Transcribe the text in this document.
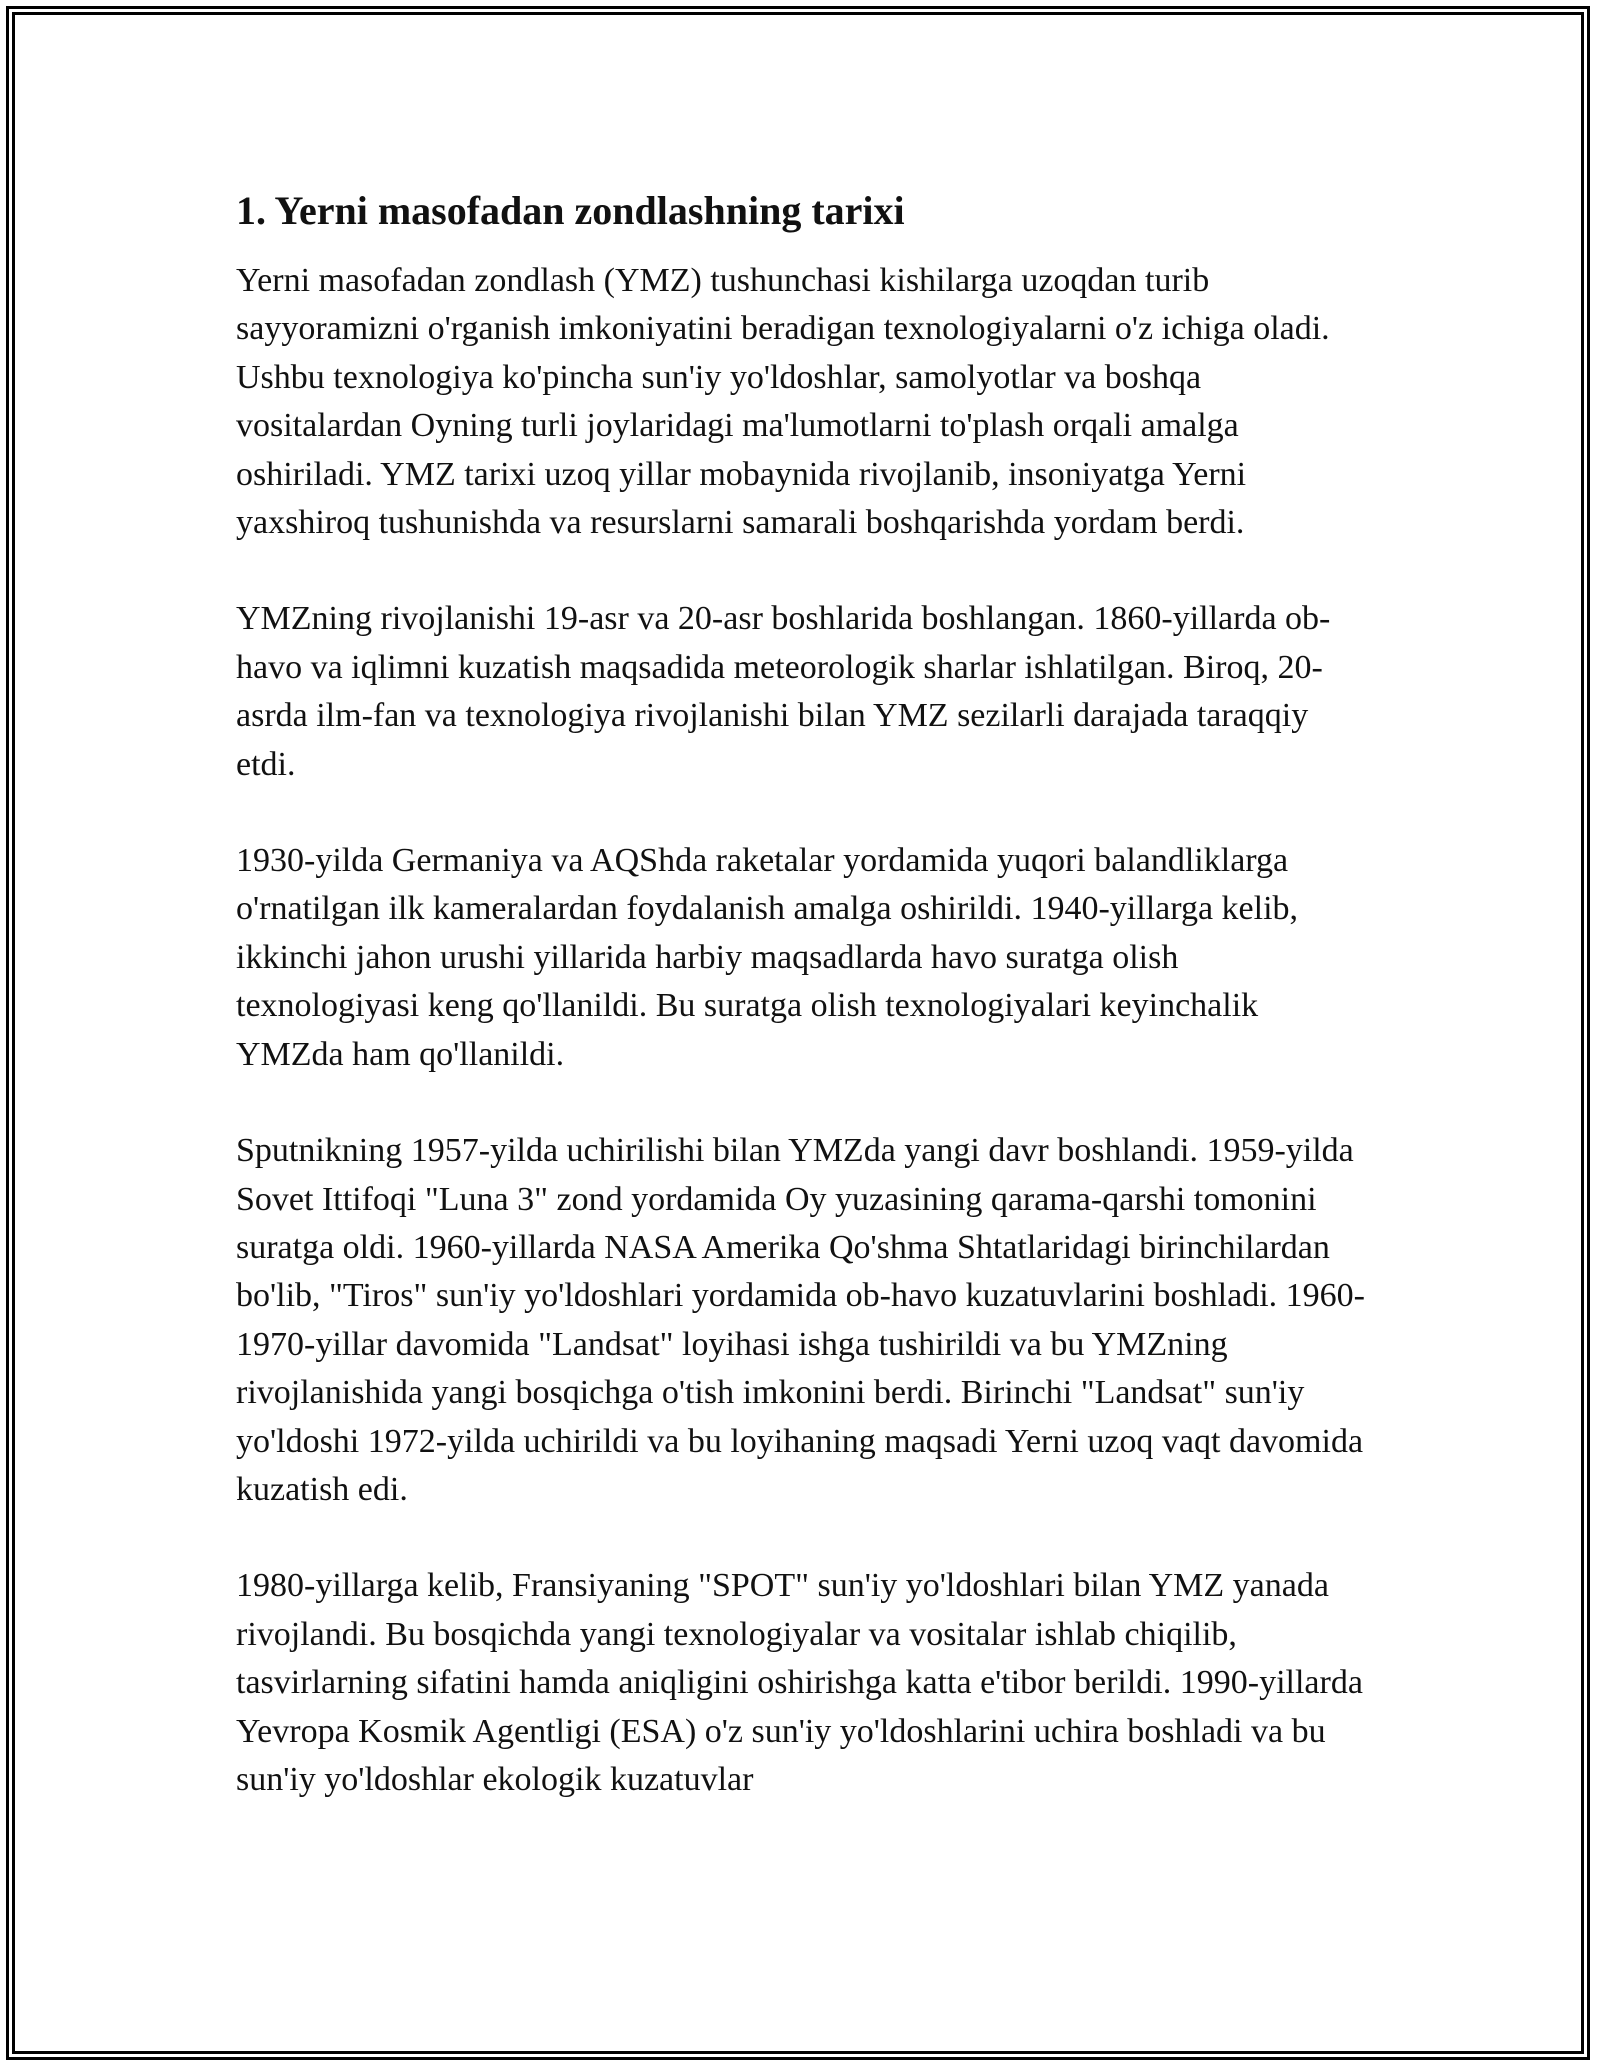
1. Yerni masofadan zondlashning tarixi

Yerni masofadan zondlash (YMZ) tushunchasi kishilarga uzoqdan turib sayyoramizni o'rganish imkoniyatini beradigan texnologiyalarni o'z ichiga oladi. Ushbu texnologiya ko'pincha sun'iy yo'ldoshlar, samolyotlar va boshqa vositalardan Oyning turli joylaridagi ma'lumotlarni to'plash orqali amalga oshiriladi. YMZ tarixi uzoq yillar mobaynida rivojlanib, insoniyatga Yerni yaxshiroq tushunishda va resurslarni samarali boshqarishda yordam berdi.

YMZning rivojlanishi 19-asr va 20-asr boshlarida boshlangan. 1860-yillarda ob-havo va iqlimni kuzatish maqsadida meteorologik sharlar ishlatilgan. Biroq, 20-asrda ilm-fan va texnologiya rivojlanishi bilan YMZ sezilarli darajada taraqqiy etdi.

1930-yilda Germaniya va AQShda raketalar yordamida yuqori balandliklarga o'rnatilgan ilk kameralardan foydalanish amalga oshirildi. 1940-yillarga kelib, ikkinchi jahon urushi yillarida harbiy maqsadlarda havo suratga olish texnologiyasi keng qo'llanildi. Bu suratga olish texnologiyalari keyinchalik YMZda ham qo'llanildi.

Sputnikning 1957-yilda uchirilishi bilan YMZda yangi davr boshlandi. 1959-yilda Sovet Ittifoqi "Luna 3" zond yordamida Oy yuzasining qarama-qarshi tomonini suratga oldi. 1960-yillarda NASA Amerika Qo'shma Shtatlaridagi birinchilardan bo'lib, "Tiros" sun'iy yo'ldoshlari yordamida ob-havo kuzatuvlarini boshladi. 1960-1970-yillar davomida "Landsat" loyihasi ishga tushirildi va bu YMZning rivojlanishida yangi bosqichga o'tish imkonini berdi. Birinchi "Landsat" sun'iy yo'ldoshi 1972-yilda uchirildi va bu loyihaning maqsadi Yerni uzoq vaqt davomida kuzatish edi.

1980-yillarga kelib, Fransiyaning "SPOT" sun'iy yo'ldoshlari bilan YMZ yanada rivojlandi. Bu bosqichda yangi texnologiyalar va vositalar ishlab chiqilib, tasvirlarning sifatini hamda aniqligini oshirishga katta e'tibor berildi. 1990-yillarda Yevropa Kosmik Agentligi (ESA) o'z sun'iy yo'ldoshlarini uchira boshladi va bu sun'iy yo'ldoshlar ekologik kuzatuvlar
